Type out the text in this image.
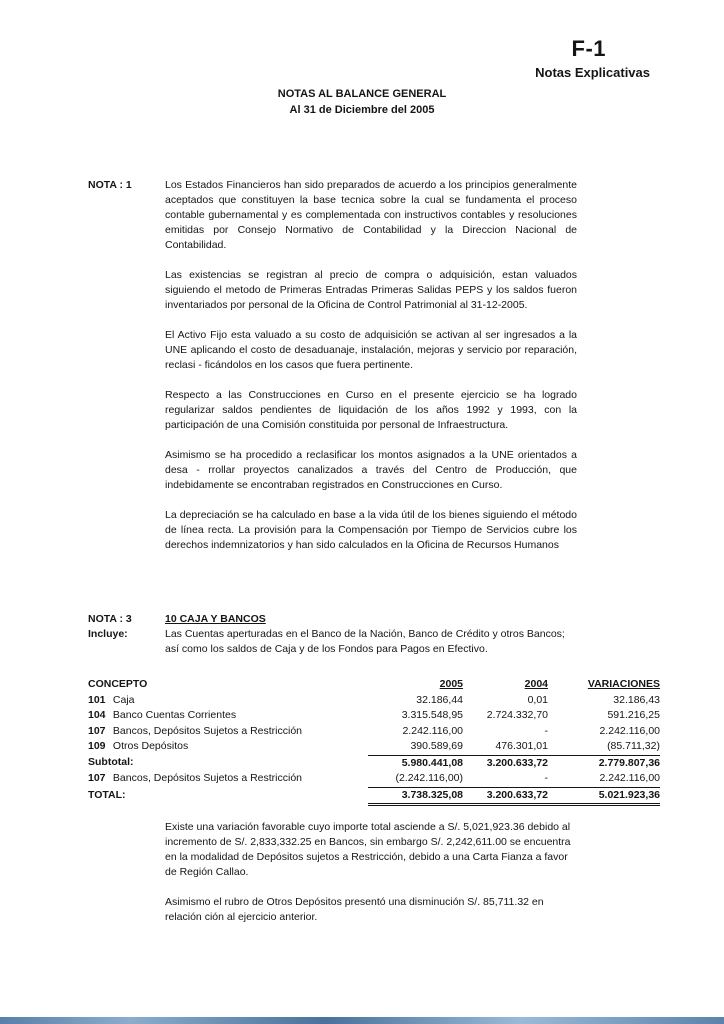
F-1
Notas Explicativas
NOTAS AL BALANCE GENERAL
Al 31 de Diciembre del 2005
NOTA : 1	Los Estados Financieros han sido preparados de acuerdo a los principios generalmente aceptados que constituyen la base tecnica sobre la cual se fundamenta el proceso contable gubernamental y es complementada con instructivos contables y resoluciones emitidas por Consejo Normativo de Contabilidad y la Direccion Nacional de Contabilidad.

Las existencias se registran al precio de compra o adquisición, estan valuados siguiendo el metodo de Primeras Entradas Primeras Salidas PEPS y los saldos fueron inventariados por personal de la Oficina de Control Patrimonial al 31-12-2005.

El Activo Fijo esta valuado a su costo de adquisición se activan al ser ingresados a la UNE aplicando el costo de desaduanaje, instalación, mejoras y servicio por reparación, reclasi - ficándolos en los casos que fuera pertinente.

Respecto a las Construcciones en Curso en el presente ejercicio se ha logrado regularizar saldos pendientes de liquidación de los años 1992 y 1993, con la participación de una Comisión constituida por personal de Infraestructura.

Asimismo se ha procedido a reclasificar los montos asignados a la UNE orientados a desa - rrollar proyectos canalizados a través del Centro de Producción, que indebidamente se encontraban registrados en Construcciones en Curso.

La depreciación se ha calculado en base a la vida útil de los bienes siguiendo el método de línea recta. La provisión para la Compensación por Tiempo de Servicios cubre los derechos indemnizatorios y han sido calculados en la Oficina de Recursos Humanos

NOTA : 3	10 CAJA Y BANCOS
Incluye:	Las Cuentas aperturadas en el Banco de la Nación, Banco de Crédito y otros Bancos; así como los saldos de Caja y de los Fondos para Pagos en Efectivo.
CONCEPTO	2005	2004	VARIACIONES
101 Caja	32.186,44	0,01	32.186,43
104 Banco Cuentas Corrientes	3.315.548,95	2.724.332,70	591.216,25
107 Bancos, Depósitos Sujetos a Restricción	2.242.116,00	-	2.242.116,00
109 Otros Depósitos	390.589,69	476.301,01	(85.711,32)
Subtotal:	5.980.441,08	3.200.633,72	2.779.807,36
107 Bancos, Depósitos Sujetos a Restricción	(2.242.116,00)	-	2.242.116,00
TOTAL:	3.738.325,08	3.200.633,72	5.021.923,36

Existe una variación favorable cuyo importe total asciende a S/. 5,021,923.36 debido al incremento de S/. 2,833,332.25 en Bancos, sin embargo S/. 2,242,611.00 se encuentra en la modalidad de Depósitos sujetos a Restricción, debido a una Carta Fianza a favor de Región Callao.

Asimismo el rubro de Otros Depósitos presentó una disminución S/. 85,711.32 en relación ción al ejercicio anterior.
